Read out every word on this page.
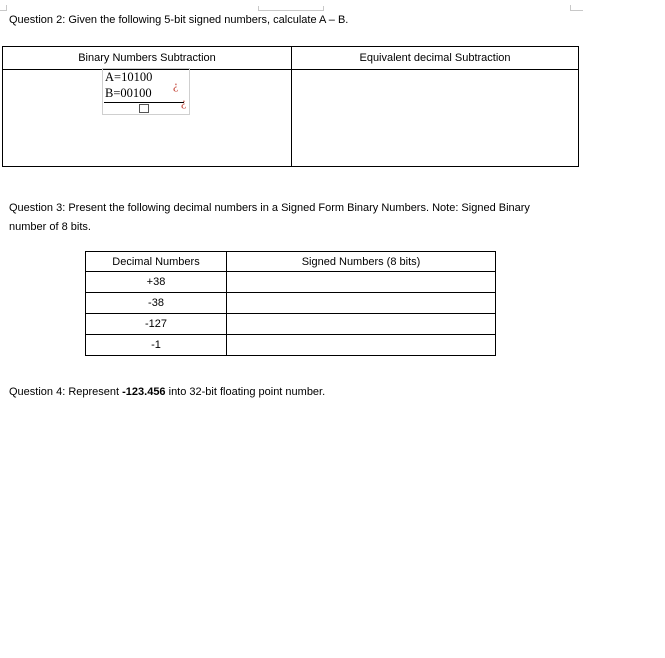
Question 2: Given the following 5-bit signed numbers, calculate A – B.
Binary Numbers Subtraction	Equivalent decimal Subtraction

A=10100
B=00100
¿
¿
Question 3: Present the following decimal numbers in a Signed Form Binary Numbers. Note: Signed Binary
number of 8 bits.
Decimal Numbers	Signed Numbers (8 bits)
+38	
-38	
-127	
-1	
Question 4: Represent -123.456 into 32-bit floating point number.
